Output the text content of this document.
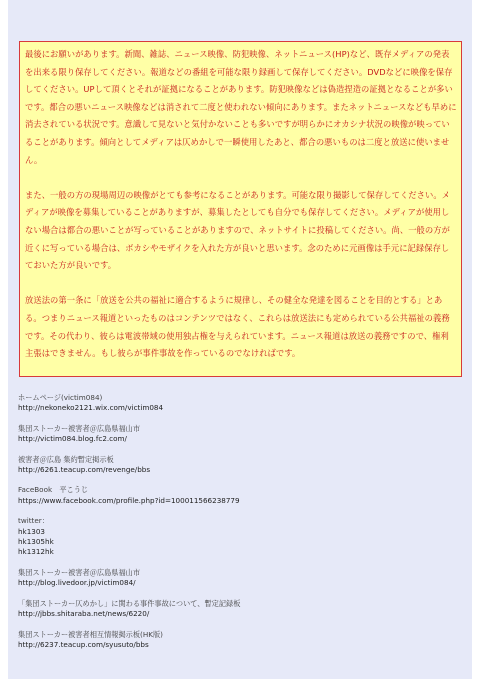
最後にお願いがあります。新聞、雑誌、ニュース映像、防犯映像、ネットニュース(HP)など、既存メディアの発表を出来る限り保存してください。報道などの番組を可能な限り録画して保存してください。DVDなどに映像を保存してください。UPして頂くとそれが証拠になることがあります。防犯映像などは偽造捏造の証拠となることが多いです。都合の悪いニュース映像などは消されて二度と使われない傾向にあります。またネットニュースなども早めに消去されている状況です。意識して見ないと気付かないことも多いですが明らかにオカシナ状況の映像が映っていることがあります。傾向としてメディアは仄めかしで一瞬使用したあと、都合の悪いものは二度と放送に使いません。

また、一般の方の現場周辺の映像がとても参考になることがあります。可能な限り撮影して保存してください。メディアが映像を募集していることがありますが、募集したとしても自分でも保存してください。メディアが使用しない場合は都合の悪いことが写っていることがありますので、ネットサイトに投稿してください。尚、一般の方が近くに写っている場合は、ボカシやモザイクを入れた方が良いと思います。念のために元画像は手元に記録保存しておいた方が良いです。

放送法の第一条に「放送を公共の福祉に適合するように規律し、その健全な発達を図ることを目的とする」とある。つまりニュース報道といったものはコンテンツではなく、これらは放送法にも定められている公共福祉の義務です。その代わり、彼らは電波帯域の使用独占権を与えられています。ニュース報道は放送の義務ですので、権利主張はできません。もし彼らが事件事故を作っているのでなければです。

ホームページ(victim084)
http://nekoneko2121.wix.com/victim084
集団ストーカー被害者＠広島県福山市
http://victim084.blog.fc2.com/
被害者＠広島 集約暫定掲示板
http://6261.teacup.com/revenge/bbs
FaceBook　平こうじ
https://www.facebook.com/profile.php?id=100011566238779
twitter：
hk1303
hk1305hk
hk1312hk
集団ストーカー被害者＠広島県福山市
http://blog.livedoor.jp/victim084/
「集団ストーカー仄めかし」に関わる事件事故について、暫定記録板
http://jbbs.shitaraba.net/news/6220/
集団ストーカー被害者相互情報掲示板(HK版)
http://6237.teacup.com/syusuto/bbs
